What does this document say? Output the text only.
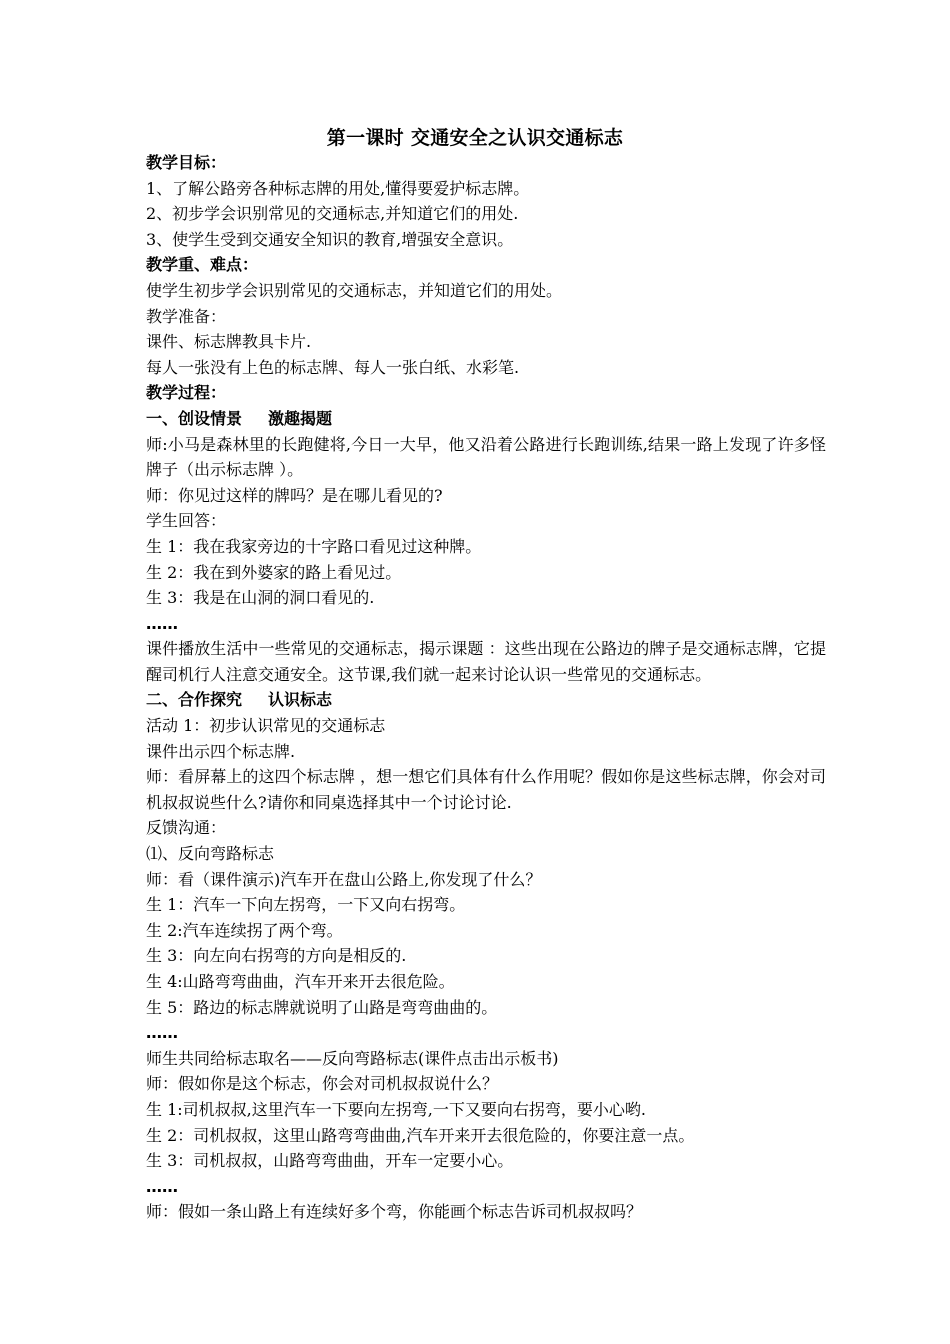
第一课时 交通安全之认识交通标志
教学目标：
1、了解公路旁各种标志牌的用处,懂得要爱护标志牌。
2、初步学会识别常见的交通标志,并知道它们的用处.
3、使学生受到交通安全知识的教育,增强安全意识。
教学重、难点：
使学生初步学会识别常见的交通标志，并知道它们的用处。
教学准备：
课件、标志牌教具卡片.
每人一张没有上色的标志牌、每人一张白纸、水彩笔.
教学过程：
一、创设情景 激趣揭题
师:小马是森林里的长跑健将,今日一大早，他又沿着公路进行长跑训练,结果一路上发现了许多怪牌子（出示标志牌 ）。
师：你见过这样的牌吗？是在哪儿看见的?
学生回答：
生 1：我在我家旁边的十字路口看见过这种牌。
生 2：我在到外婆家的路上看见过。
生 3：我是在山洞的洞口看见的.
……
课件播放生活中一些常见的交通标志，揭示课题 ：这些出现在公路边的牌子是交通标志牌，它提醒司机行人注意交通安全。这节课,我们就一起来讨论认识一些常见的交通标志。
二、合作探究 认识标志
活动 1：初步认识常见的交通标志
课件出示四个标志牌.
师：看屏幕上的这四个标志牌 ，想一想它们具体有什么作用呢？假如你是这些标志牌，你会对司机叔叔说些什么?请你和同桌选择其中一个讨论讨论.
反馈沟通：
⑴、反向弯路标志
师：看（课件演示)汽车开在盘山公路上,你发现了什么？
生 1：汽车一下向左拐弯，一下又向右拐弯。
生 2:汽车连续拐了两个弯。
生 3：向左向右拐弯的方向是相反的.
生 4:山路弯弯曲曲，汽车开来开去很危险。
生 5：路边的标志牌就说明了山路是弯弯曲曲的。
……
师生共同给标志取名——反向弯路标志(课件点击出示板书)
师：假如你是这个标志，你会对司机叔叔说什么？
生 1:司机叔叔,这里汽车一下要向左拐弯,一下又要向右拐弯，要小心哟.
生 2：司机叔叔，这里山路弯弯曲曲,汽车开来开去很危险的，你要注意一点。
生 3：司机叔叔，山路弯弯曲曲，开车一定要小心。
……
师：假如一条山路上有连续好多个弯，你能画个标志告诉司机叔叔吗？
